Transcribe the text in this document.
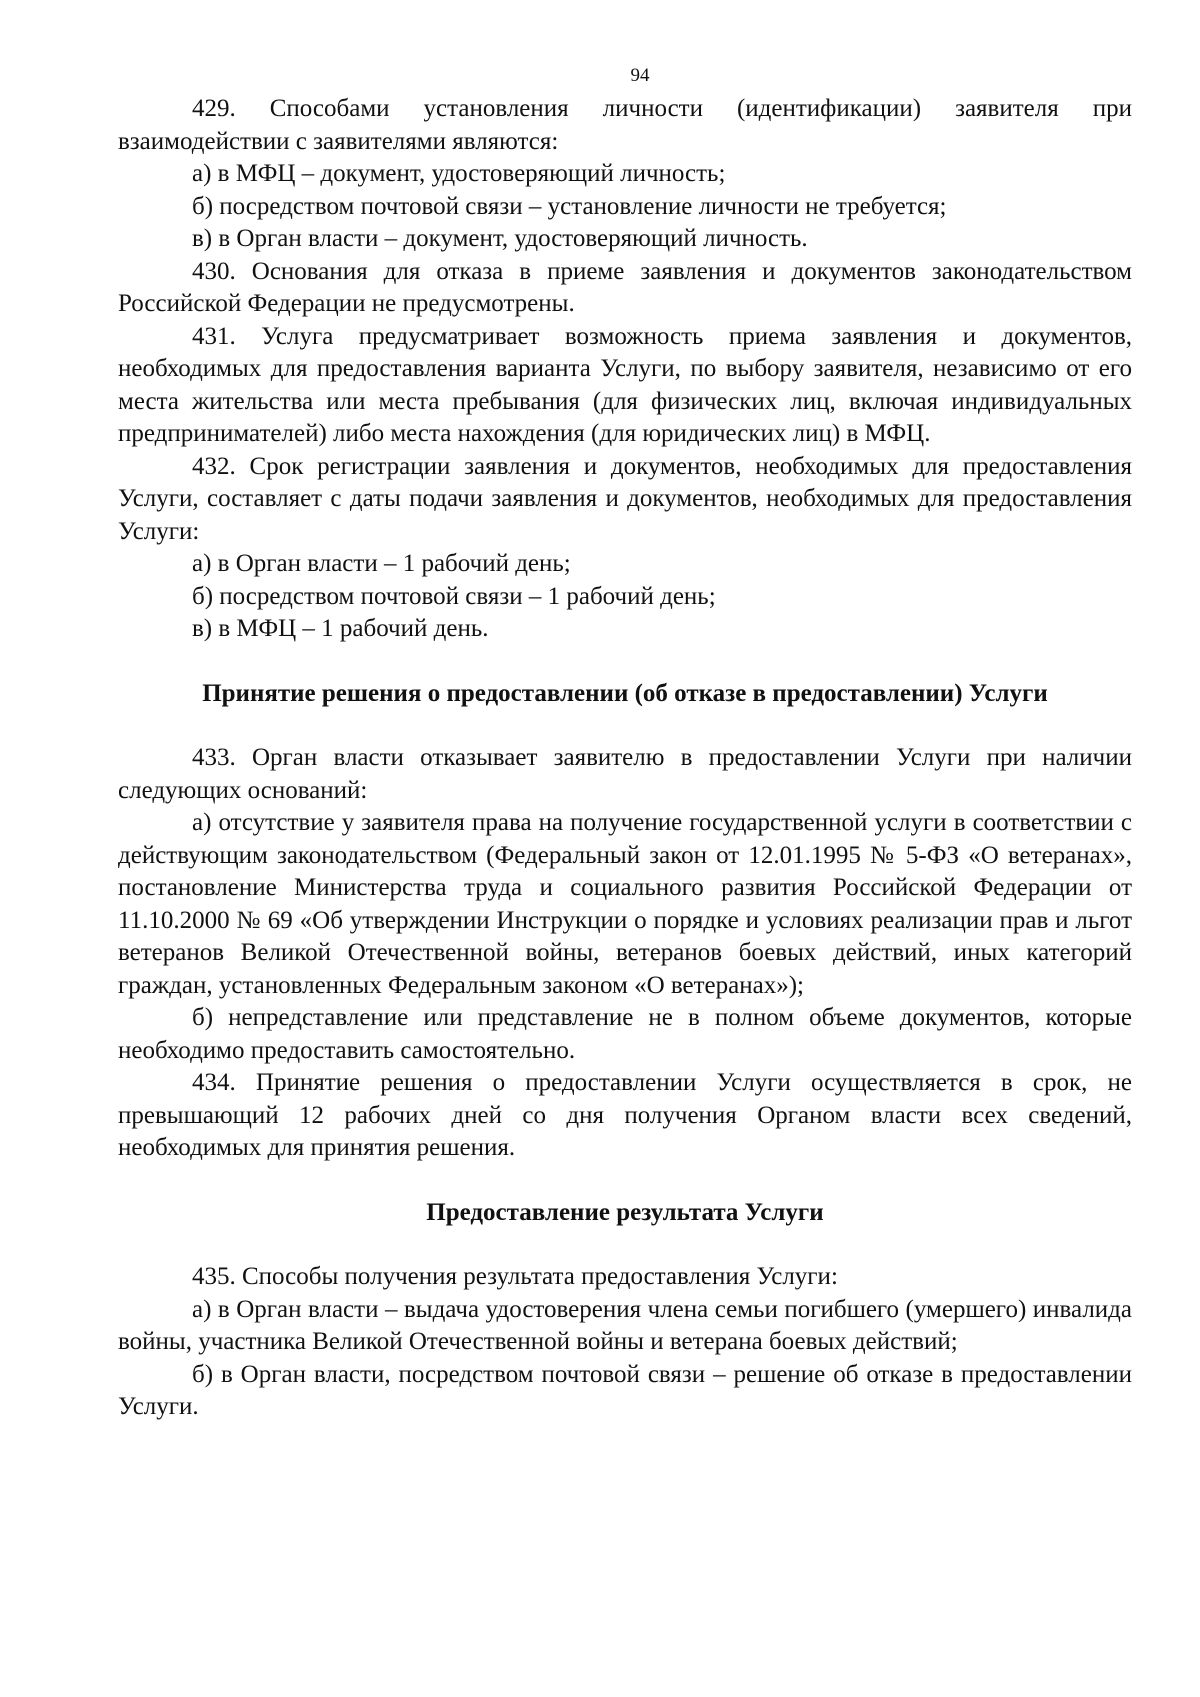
94

429. Способами установления личности (идентификации) заявителя при взаимодействии с заявителями являются:

а) в МФЦ – документ, удостоверяющий личность;

б) посредством почтовой связи – установление личности не требуется;

в) в Орган власти – документ, удостоверяющий личность.

430. Основания для отказа в приеме заявления и документов законодательством Российской Федерации не предусмотрены.

431. Услуга предусматривает возможность приема заявления и документов, необходимых для предоставления варианта Услуги, по выбору заявителя, независимо от его места жительства или места пребывания (для физических лиц, включая индивидуальных предпринимателей) либо места нахождения (для юридических лиц) в МФЦ.

432. Срок регистрации заявления и документов, необходимых для предоставления Услуги, составляет с даты подачи заявления и документов, необходимых для предоставления Услуги:

а) в Орган власти – 1 рабочий день;

б) посредством почтовой связи – 1 рабочий день;

в) в МФЦ – 1 рабочий день.

Принятие решения о предоставлении (об отказе в предоставлении) Услуги

433. Орган власти отказывает заявителю в предоставлении Услуги при наличии следующих оснований:

а) отсутствие у заявителя права на получение государственной услуги в соответствии с действующим законодательством (Федеральный закон от 12.01.1995 № 5-ФЗ «О ветеранах», постановление Министерства труда и социального развития Российской Федерации от 11.10.2000 № 69 «Об утверждении Инструкции о порядке и условиях реализации прав и льгот ветеранов Великой Отечественной войны, ветеранов боевых действий, иных категорий граждан, установленных Федеральным законом «О ветеранах»);

б) непредставление или представление не в полном объеме документов, которые необходимо предоставить самостоятельно.

434. Принятие решения о предоставлении Услуги осуществляется в срок, не превышающий 12 рабочих дней со дня получения Органом власти всех сведений, необходимых для принятия решения.

Предоставление результата Услуги

435. Способы получения результата предоставления Услуги:

а) в Орган власти – выдача удостоверения члена семьи погибшего (умершего) инвалида войны, участника Великой Отечественной войны и ветерана боевых действий;

б) в Орган власти, посредством почтовой связи – решение об отказе в предоставлении Услуги.
